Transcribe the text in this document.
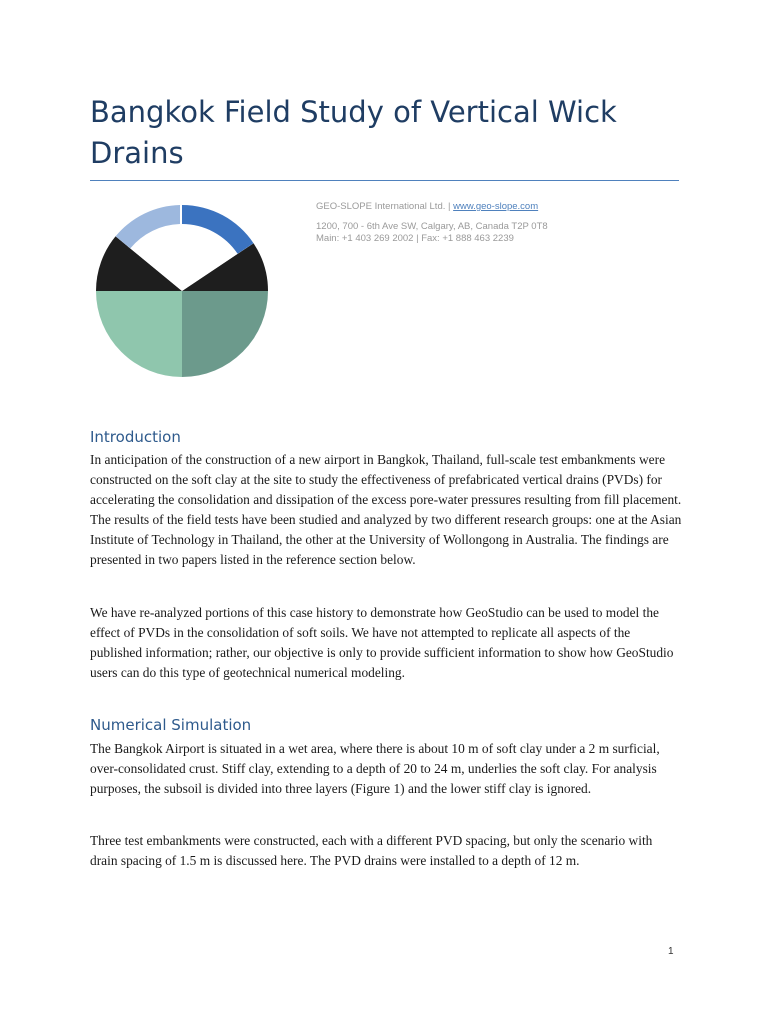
Bangkok Field Study of Vertical Wick Drains
GEO-SLOPE International Ltd. | www.geo-slope.com
1200, 700 - 6th Ave SW, Calgary, AB, Canada T2P 0T8
Main: +1 403 269 2002 | Fax: +1 888 463 2239
Introduction

In anticipation of the construction of a new airport in Bangkok, Thailand, full-scale test embankments were constructed on the soft clay at the site to study the effectiveness of prefabricated vertical drains (PVDs) for accelerating the consolidation and dissipation of the excess pore-water pressures resulting from fill placement. The results of the field tests have been studied and analyzed by two different research groups: one at the Asian Institute of Technology in Thailand, the other at the University of Wollongong in Australia. The findings are presented in two papers listed in the reference section below.

We have re-analyzed portions of this case history to demonstrate how GeoStudio can be used to model the effect of PVDs in the consolidation of soft soils. We have not attempted to replicate all aspects of the published information; rather, our objective is only to provide sufficient information to show how GeoStudio users can do this type of geotechnical numerical modeling.

Numerical Simulation

The Bangkok Airport is situated in a wet area, where there is about 10 m of soft clay under a 2 m surficial, over-consolidated crust. Stiff clay, extending to a depth of 20 to 24 m, underlies the soft clay. For analysis purposes, the subsoil is divided into three layers (Figure 1) and the lower stiff clay is ignored.

Three test embankments were constructed, each with a different PVD spacing, but only the scenario with drain spacing of 1.5 m is discussed here. The PVD drains were installed to a depth of 12 m.

1
